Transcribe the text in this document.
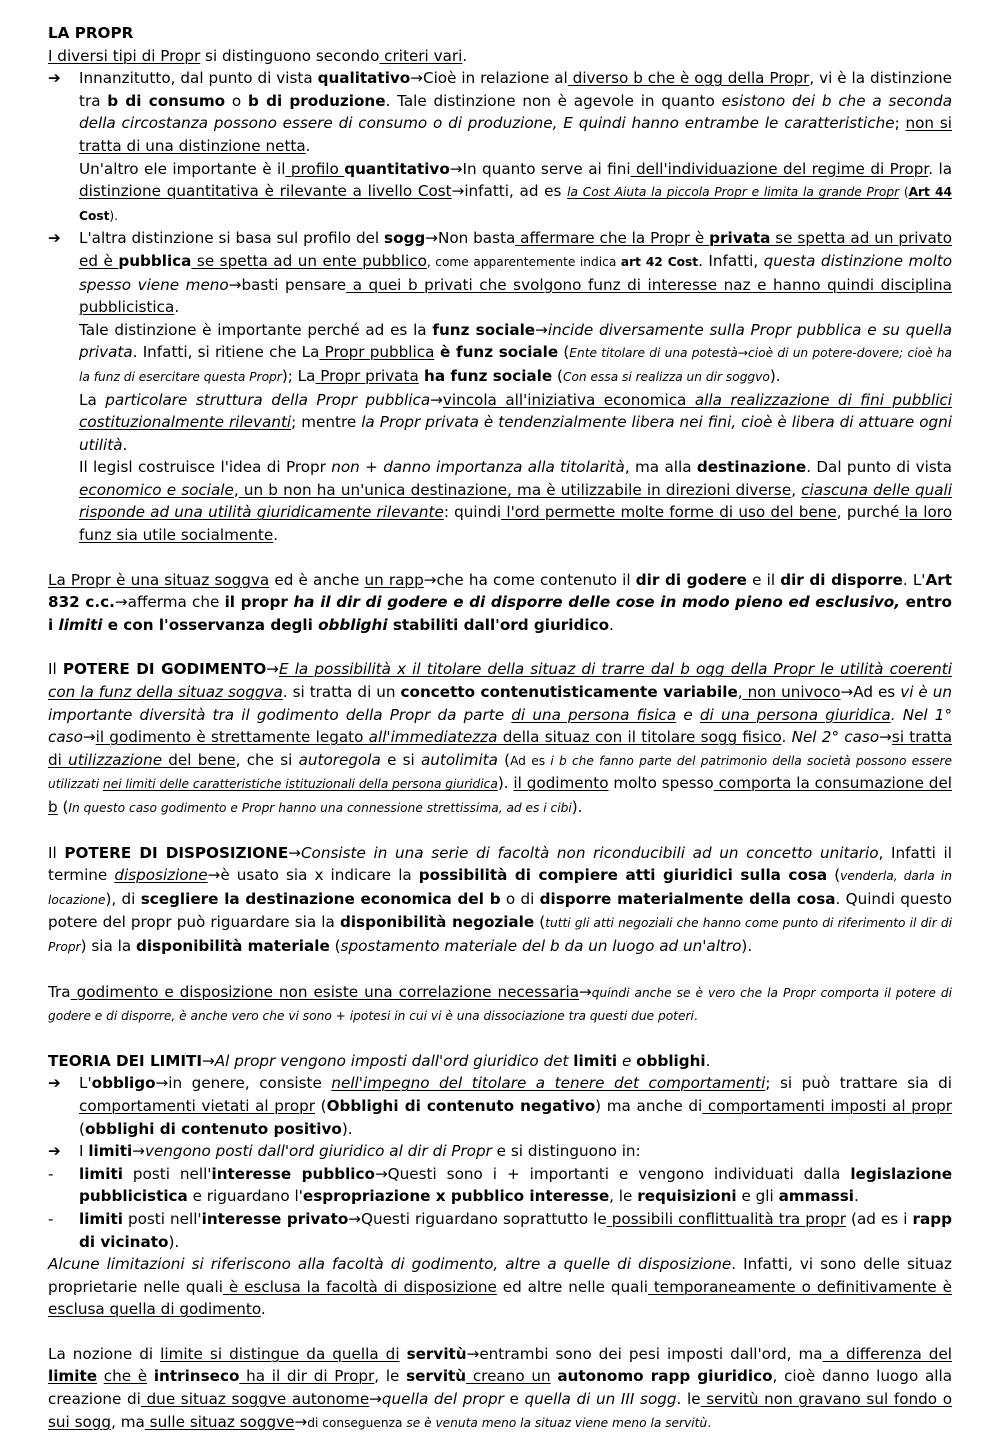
LA PROPR

I diversi tipi di Propr si distinguono secondo criteri vari.

➔ Innanzitutto, dal punto di vista qualitativo→Cioè in relazione al diverso b che è ogg della Propr, vi è la distinzione tra b di consumo o b di produzione. Tale distinzione non è agevole in quanto esistono dei b che a seconda della circostanza possono essere di consumo o di produzione, E quindi hanno entrambe le caratteristiche; non si tratta di una distinzione netta.

Un'altro ele importante è il profilo quantitativo→In quanto serve ai fini dell'individuazione del regime di Propr. la distinzione quantitativa è rilevante a livello Cost→infatti, ad es la Cost Aiuta la piccola Propr e limita la grande Propr (Art 44 Cost).

➔ L'altra distinzione si basa sul profilo del sogg→Non basta affermare che la Propr è privata se spetta ad un privato ed è pubblica se spetta ad un ente pubblico, come apparentemente indica art 42 Cost. Infatti, questa distinzione molto spesso viene meno→basti pensare a quei b privati che svolgono funz di interesse naz e hanno quindi disciplina pubblicistica.

Tale distinzione è importante perché ad es la funz sociale→incide diversamente sulla Propr pubblica e su quella privata. Infatti, si ritiene che La Propr pubblica è funz sociale (Ente titolare di una potestà→cioè di un potere-dovere; cioè ha la funz di esercitare questa Propr); La Propr privata ha funz sociale (Con essa si realizza un dir soggvo).

La particolare struttura della Propr pubblica→vincola all'iniziativa economica alla realizzazione di fini pubblici costituzionalmente rilevanti; mentre la Propr privata è tendenzialmente libera nei fini, cioè è libera di attuare ogni utilità.

Il legisl costruisce l'idea di Propr non + danno importanza alla titolarità, ma alla destinazione. Dal punto di vista economico e sociale, un b non ha un'unica destinazione, ma è utilizzabile in direzioni diverse, ciascuna delle quali risponde ad una utilità giuridicamente rilevante: quindi l'ord permette molte forme di uso del bene, purché la loro funz sia utile socialmente.

La Propr è una situaz soggva ed è anche un rapp→che ha come contenuto il dir di godere e il dir di disporre. L'Art 832 c.c.→afferma che il propr ha il dir di godere e di disporre delle cose in modo pieno ed esclusivo, entro i limiti e con l'osservanza degli obblighi stabiliti dall'ord giuridico.

Il POTERE DI GODIMENTO→E la possibilità x il titolare della situaz di trarre dal b ogg della Propr le utilità coerenti con la funz della situaz soggva. si tratta di un concetto contenutisticamente variabile, non univoco→Ad es vi è un importante diversità tra il godimento della Propr da parte di una persona fisica e di una persona giuridica. Nel 1° caso→il godimento è strettamente legato all'immediatezza della situaz con il titolare sogg fisico. Nel 2° caso→si tratta di utilizzazione del bene, che si autoregola e si autolimita (Ad es i b che fanno parte del patrimonio della società possono essere utilizzati nei limiti delle caratteristiche istituzionali della persona giuridica). il godimento molto spesso comporta la consumazione del b (In questo caso godimento e Propr hanno una connessione strettissima, ad es i cibi).

Il POTERE DI DISPOSIZIONE→Consiste in una serie di facoltà non riconducibili ad un concetto unitario, Infatti il termine disposizione→è usato sia x indicare la possibilità di compiere atti giuridici sulla cosa (venderla, darla in locazione), di scegliere la destinazione economica del b o di disporre materialmente della cosa. Quindi questo potere del propr può riguardare sia la disponibilità negoziale (tutti gli atti negoziali che hanno come punto di riferimento il dir di Propr) sia la disponibilità materiale (spostamento materiale del b da un luogo ad un'altro).

Tra godimento e disposizione non esiste una correlazione necessaria→quindi anche se è vero che la Propr comporta il potere di godere e di disporre, è anche vero che vi sono + ipotesi in cui vi è una dissociazione tra questi due poteri.

TEORIA DEI LIMITI→Al propr vengono imposti dall'ord giuridico det limiti e obblighi.

➔ L'obbligo→in genere, consiste nell'impegno del titolare a tenere det comportamenti; si può trattare sia di comportamenti vietati al propr (Obblighi di contenuto negativo) ma anche di comportamenti imposti al propr (obblighi di contenuto positivo).

➔ I limiti→vengono posti dall'ord giuridico al dir di Propr e si distinguono in:

- limiti posti nell'interesse pubblico→Questi sono i + importanti e vengono individuati dalla legislazione pubblicistica e riguardano l'espropriazione x pubblico interesse, le requisizioni e gli ammassi.

- limiti posti nell'interesse privato→Questi riguardano soprattutto le possibili conflittualità tra propr (ad es i rapp di vicinato).

Alcune limitazioni si riferiscono alla facoltà di godimento, altre a quelle di disposizione. Infatti, vi sono delle situaz proprietarie nelle quali è esclusa la facoltà di disposizione ed altre nelle quali temporaneamente o definitivamente è esclusa quella di godimento.

La nozione di limite si distingue da quella di servitù→entrambi sono dei pesi imposti dall'ord, ma a differenza del limite che è intrinseco ha il dir di Propr, le servitù creano un autonomo rapp giuridico, cioè danno luogo alla creazione di due situaz soggve autonome→quella del propr e quella di un III sogg. le servitù non gravano sul fondo o sui sogg, ma sulle situaz soggve→di conseguenza se è venuta meno la situaz viene meno la servitù.
